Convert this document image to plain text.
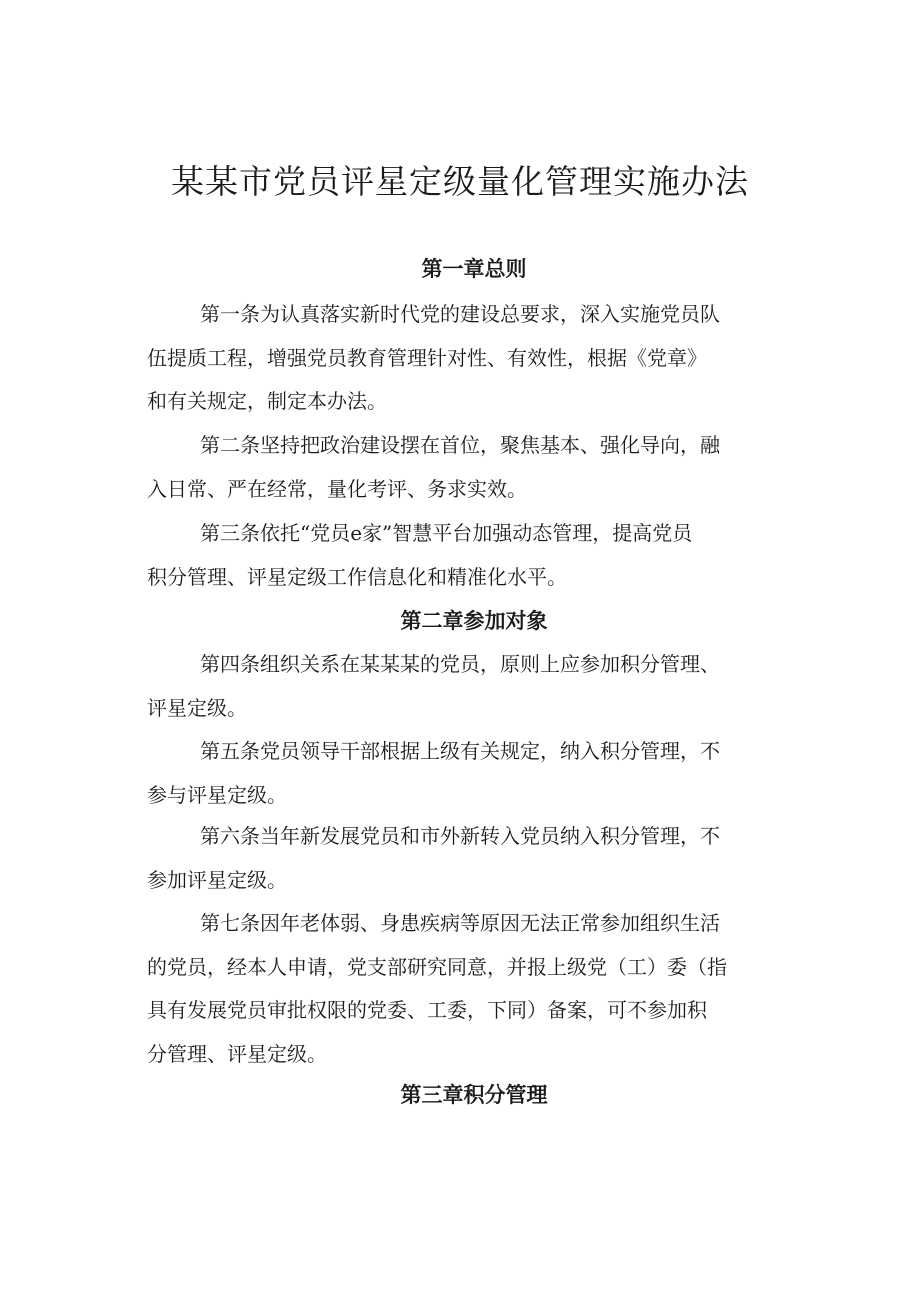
某某市党员评星定级量化管理实施办法
第一章总则

第一条为认真落实新时代党的建设总要求，深入实施党员队
伍提质工程，增强党员教育管理针对性、有效性，根据《党章》
和有关规定，制定本办法。

第二条坚持把政治建设摆在首位，聚焦基本、强化导向，融
入日常、严在经常，量化考评、务求实效。

第三条依托“党员e家”智慧平台加强动态管理，提高党员
积分管理、评星定级工作信息化和精准化水平。

第二章参加对象

第四条组织关系在某某某的党员，原则上应参加积分管理、
评星定级。

第五条党员领导干部根据上级有关规定，纳入积分管理，不
参与评星定级。

第六条当年新发展党员和市外新转入党员纳入积分管理，不
参加评星定级。

第七条因年老体弱、身患疾病等原因无法正常参加组织生活
的党员，经本人申请，党支部研究同意，并报上级党（工）委（指
具有发展党员审批权限的党委、工委，下同）备案，可不参加积
分管理、评星定级。

第三章积分管理
